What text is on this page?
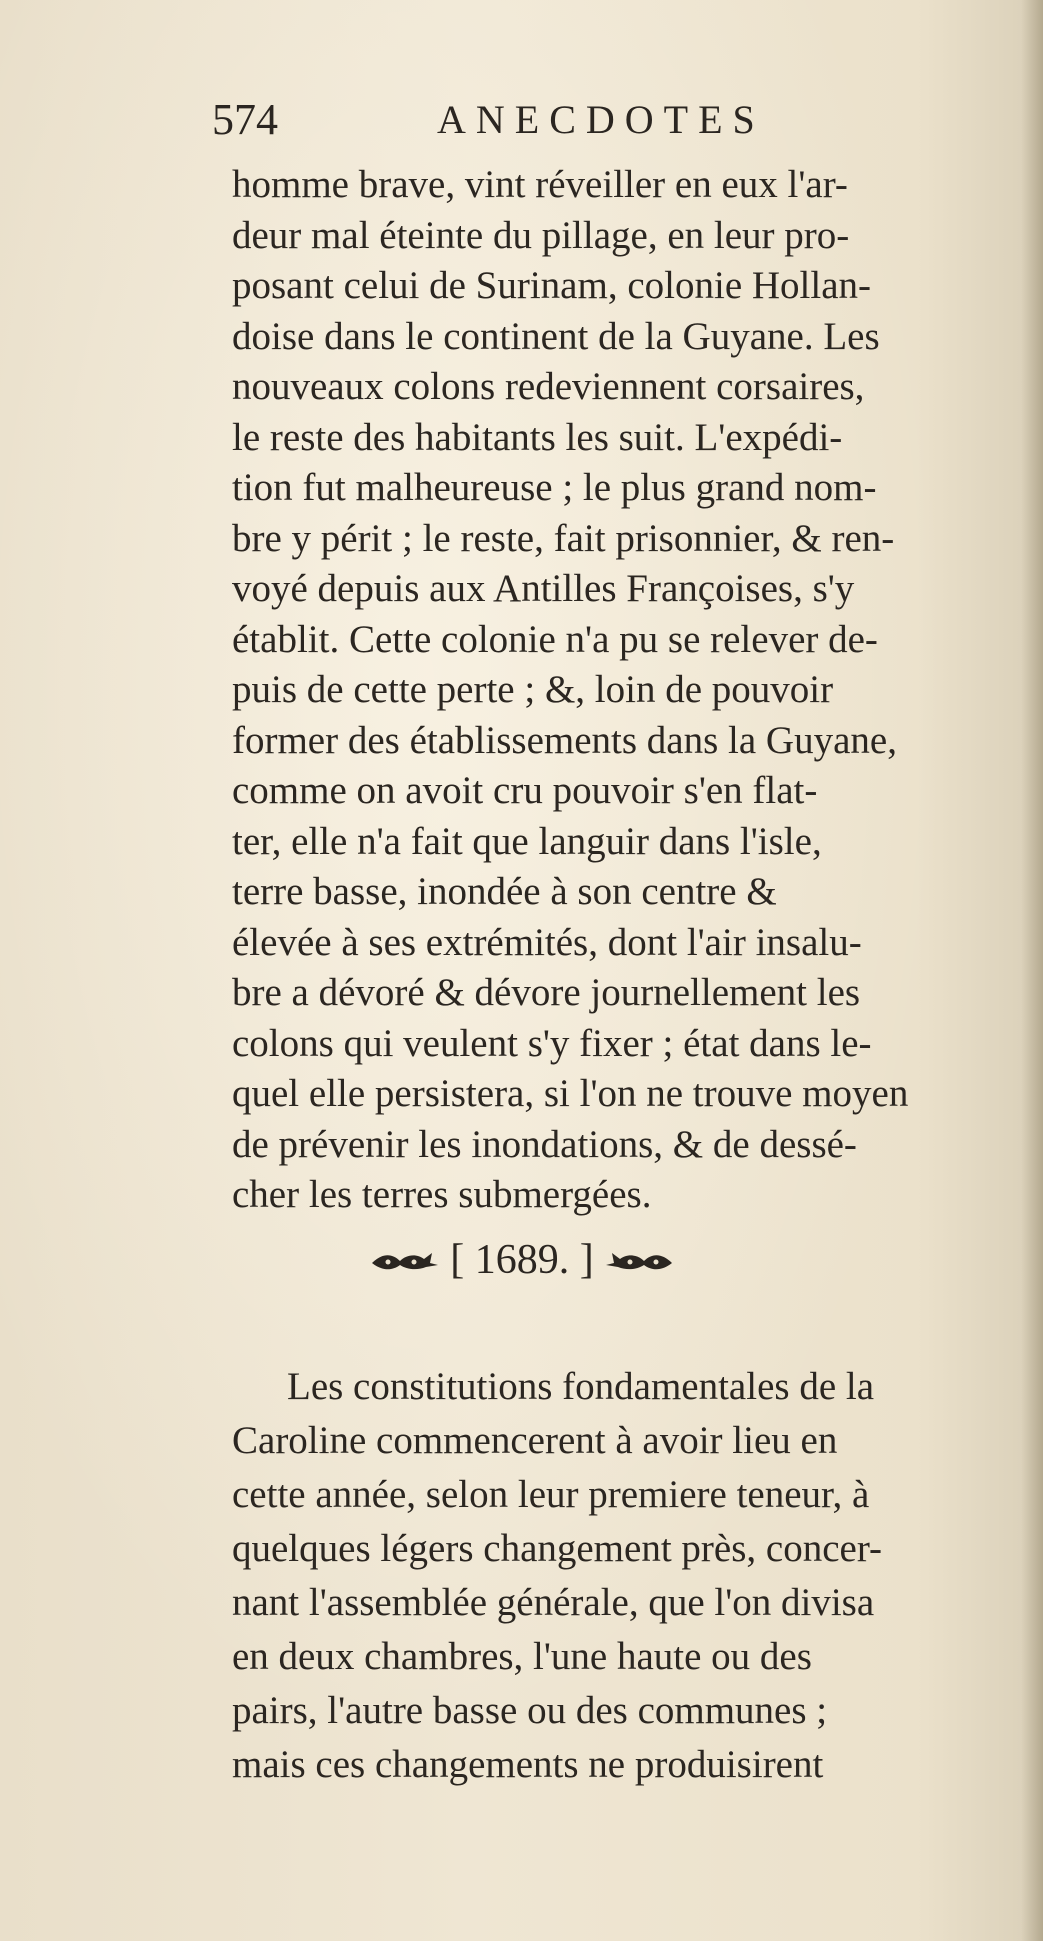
574	ANECDOTES
homme brave, vint réveiller en eux l'ar-
deur mal éteinte du pillage, en leur pro-
posant celui de Surinam, colonie Hollan-
doise dans le continent de la Guyane. Les
nouveaux colons redeviennent corsaires,
le reste des habitants les suit. L'expédi-
tion fut malheureuse ; le plus grand nom-
bre y périt ; le reste, fait prisonnier, & ren-
voyé depuis aux Antilles Françoises, s'y
établit. Cette colonie n'a pu se relever de-
puis de cette perte ; &, loin de pouvoir
former des établissements dans la Guyane,
comme on avoit cru pouvoir s'en flat-
ter, elle n'a fait que languir dans l'isle,
terre basse, inondée à son centre &
élevée à ses extrémités, dont l'air insalu-
bre a dévoré & dévore journellement les
colons qui veulent s'y fixer ; état dans le-
quel elle persistera, si l'on ne trouve moyen
de prévenir les inondations, & de dessé-
cher les terres submergées.
[ 1689. ]
Les constitutions fondamentales de la
Caroline commencerent à avoir lieu en
cette année, selon leur premiere teneur, à
quelques légers changement près, concer-
nant l'assemblée générale, que l'on divisa
en deux chambres, l'une haute ou des
pairs, l'autre basse ou des communes ;
mais ces changements ne produisirent
